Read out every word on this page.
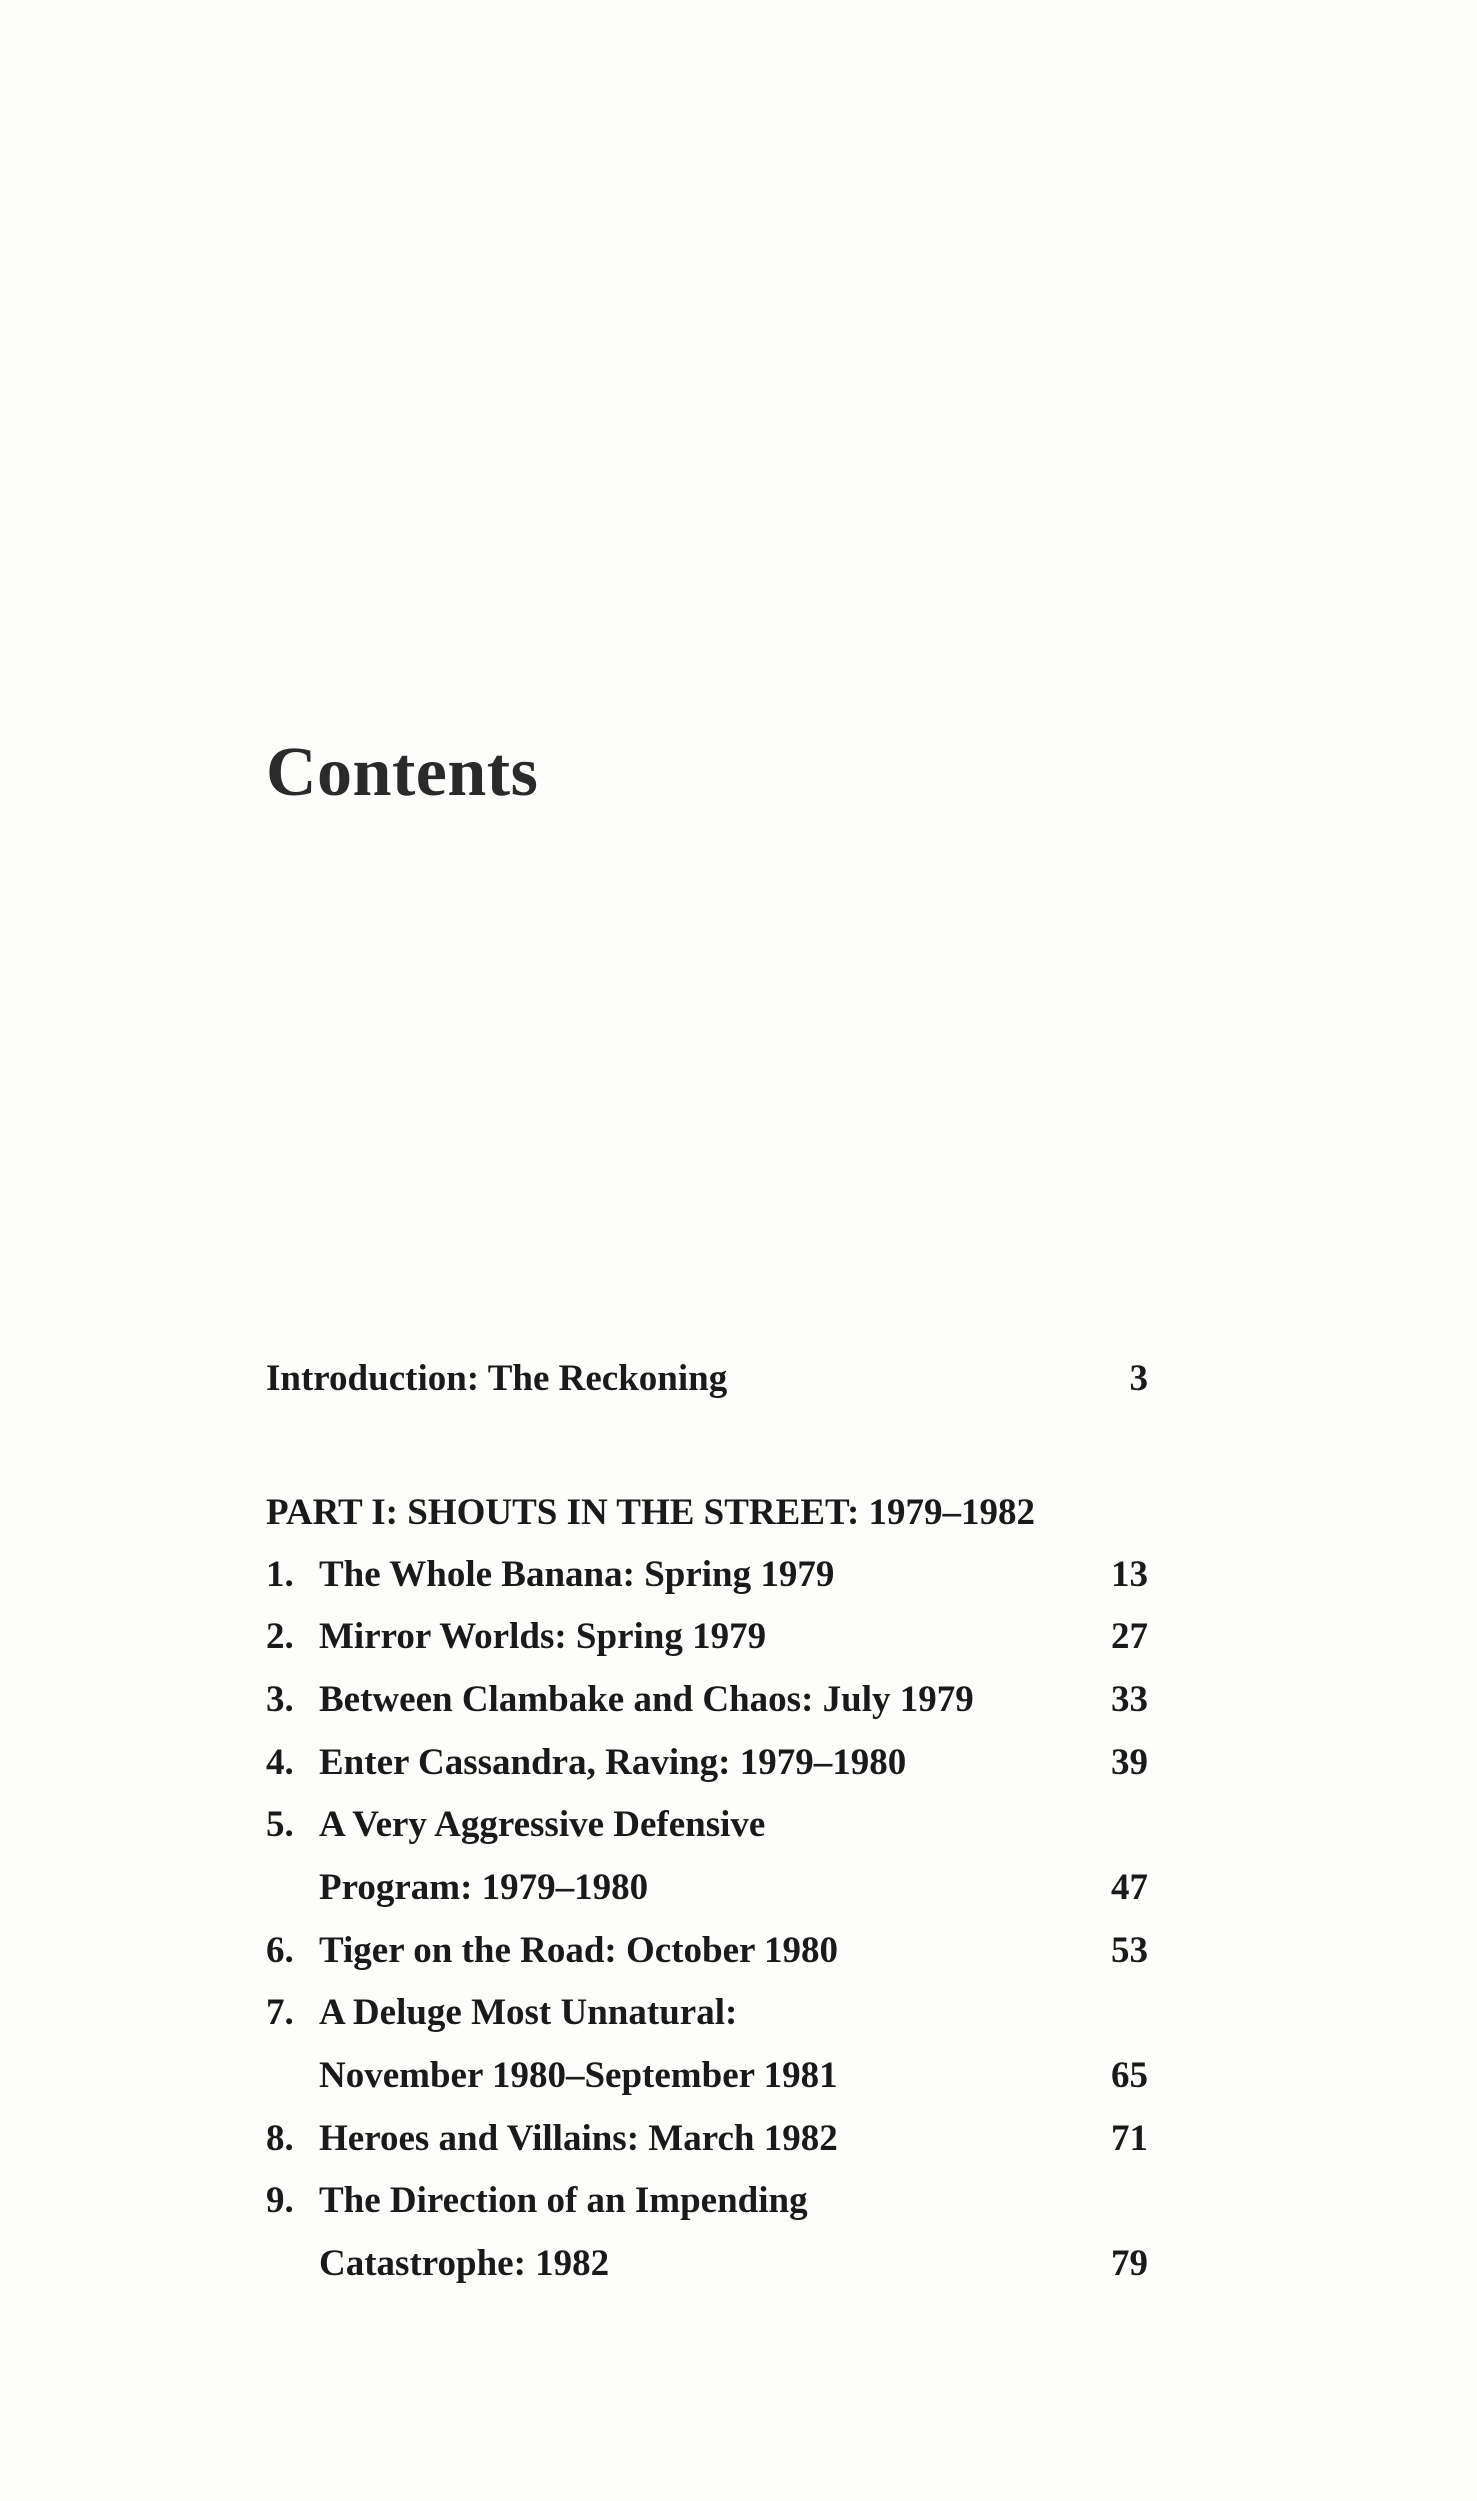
Contents
Introduction: The Reckoning	3
PART I: SHOUTS IN THE STREET: 1979–1982
1. The Whole Banana: Spring 1979	13
2. Mirror Worlds: Spring 1979	27
3. Between Clambake and Chaos: July 1979	33
4. Enter Cassandra, Raving: 1979–1980	39
5. A Very Aggressive Defensive
Program: 1979–1980	47
6. Tiger on the Road: October 1980	53
7. A Deluge Most Unnatural:
November 1980–September 1981	65
8. Heroes and Villains: March 1982	71
9. The Direction of an Impending
Catastrophe: 1982	79
